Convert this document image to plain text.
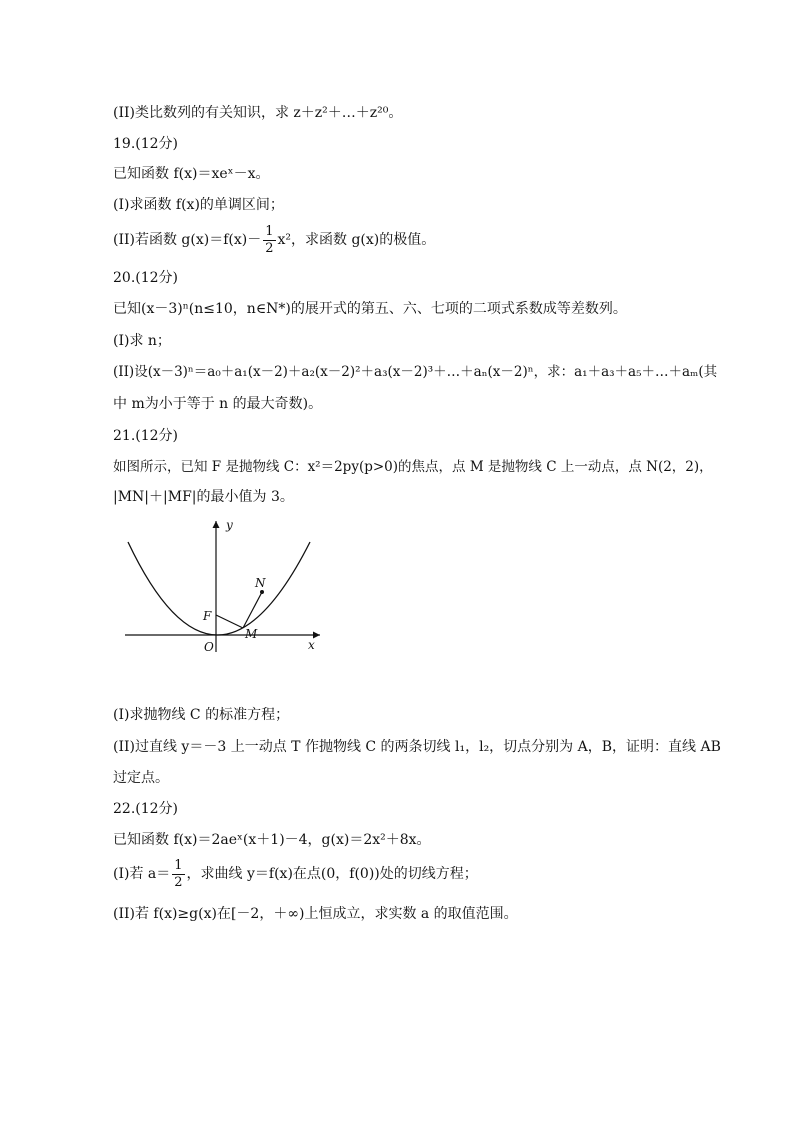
(II)类比数列的有关知识，求 z＋z²＋…＋z²⁰。
19.(12分)
已知函数 f(x)＝xeˣ－x。
(I)求函数 f(x)的单调区间；
(II)若函数 $g(x)=f(x)- \frac{1}{2} x^2$，求函数 g(x)的极值。
20.(12分)
已知(x－3)ⁿ(n≤10，n∈N*)的展开式的第五、六、七项的二项式系数成等差数列。
(I)求 n；
(II)设(x－3)ⁿ＝a₀＋a₁(x－2)＋a₂(x－2)²＋a₃(x－2)³＋…＋aₙ(x－2)ⁿ，求：a₁＋a₃＋a₅＋…＋aₘ(其
中 m为小于等于 n 的最大奇数)。
21.(12分)
如图所示，已知 F 是抛物线 C：x²＝2py(p>0)的焦点，点 M 是抛物线 C 上一动点，点 N(2，2)，
|MN|＋|MF|的最小值为 3。
y
x
N
F
M
O
(I)求抛物线 C 的标准方程；
(II)过直线 y＝－3 上一动点 T 作抛物线 C 的两条切线 l₁，l₂，切点分别为 A，B，证明：直线 AB
过定点。
22.(12分)
已知函数 f(x)＝2aeˣ(x＋1)－4，g(x)＝2x²＋8x。
(I)若 $a= \frac{1}{2}$ ，求曲线 y＝f(x)在点(0，f(0))处的切线方程；
(II)若 f(x)≥g(x)在[－2，＋∞)上恒成立，求实数 a 的取值范围。
